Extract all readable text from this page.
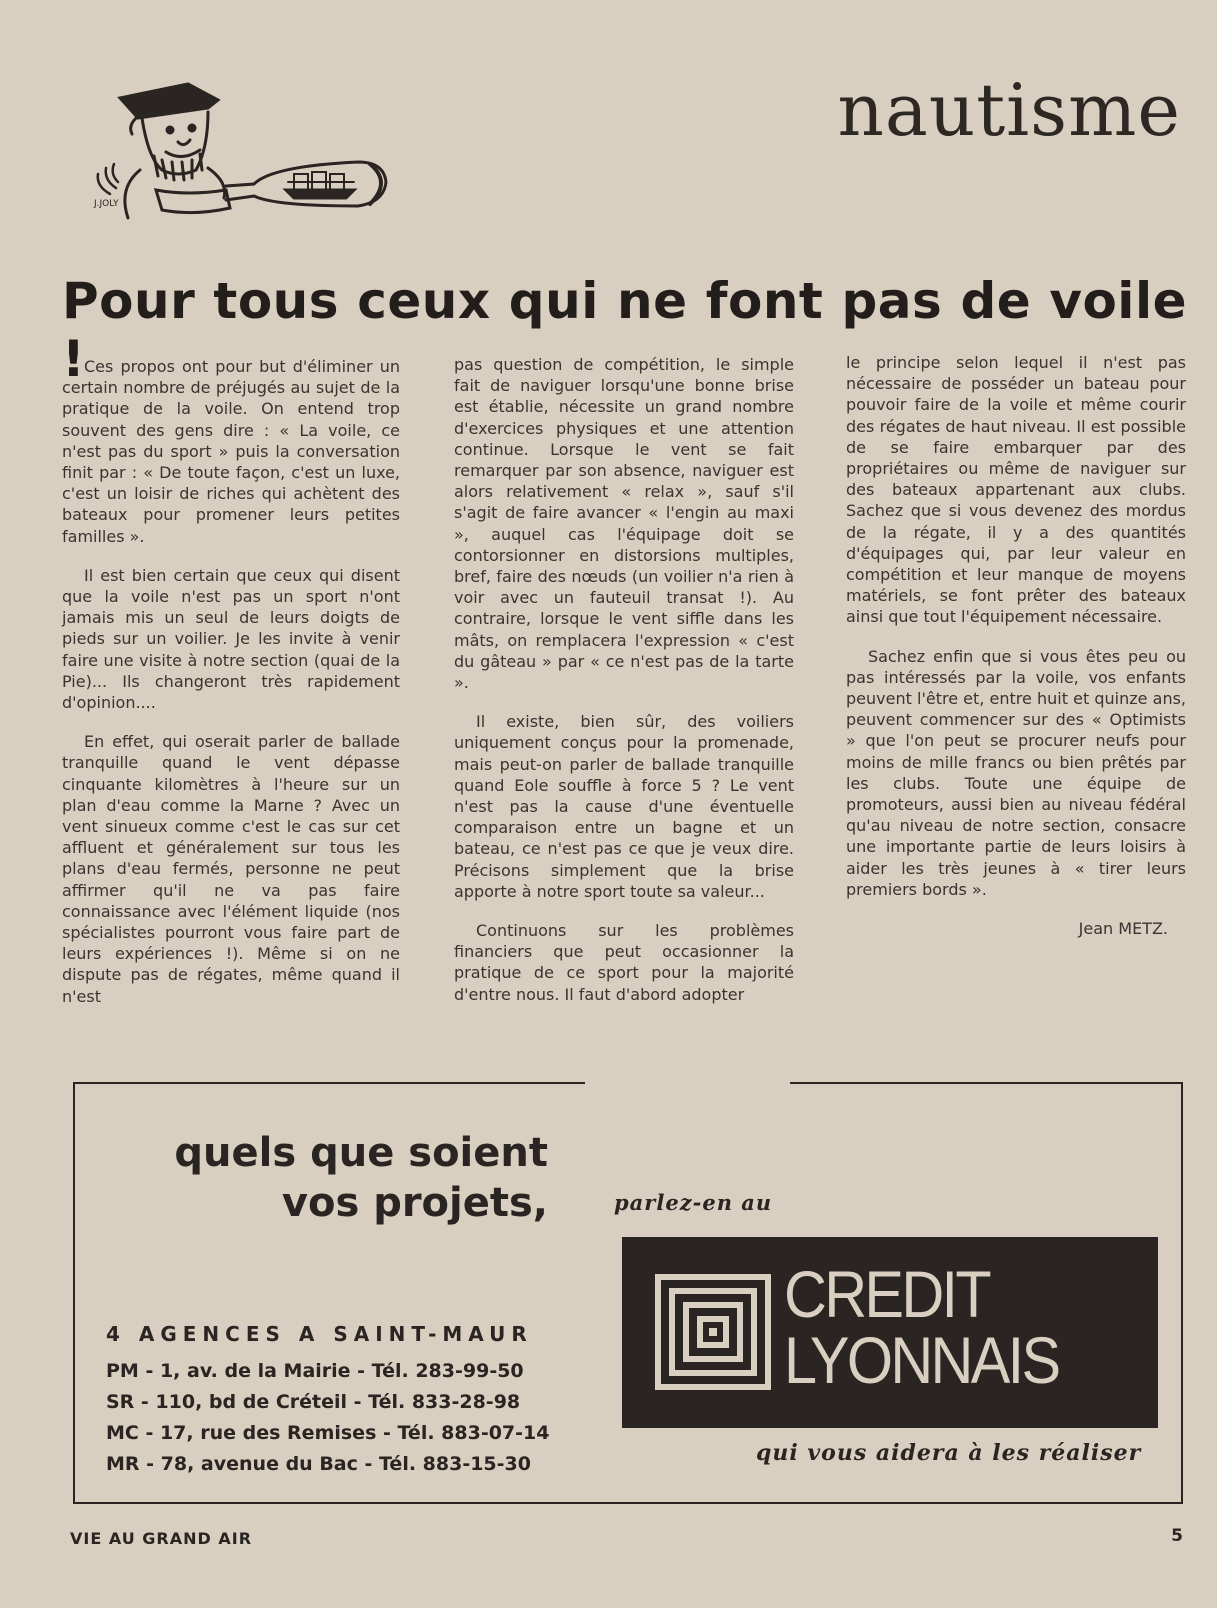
J.JOLY
nautisme
Pour tous ceux qui ne font pas de voile !

Ces propos ont pour but d'éliminer un certain nombre de préjugés au sujet de la pratique de la voile. On entend trop souvent des gens dire : « La voile, ce n'est pas du sport » puis la conversation finit par : « De toute façon, c'est un luxe, c'est un loisir de riches qui achètent des bateaux pour promener leurs petites familles ».

Il est bien certain que ceux qui disent que la voile n'est pas un sport n'ont jamais mis un seul de leurs doigts de pieds sur un voilier. Je les invite à venir faire une visite à notre section (quai de la Pie)... Ils changeront très rapidement d'opinion....

En effet, qui oserait parler de ballade tranquille quand le vent dépasse cinquante kilomètres à l'heure sur un plan d'eau comme la Marne ? Avec un vent sinueux comme c'est le cas sur cet affluent et généralement sur tous les plans d'eau fermés, personne ne peut affirmer qu'il ne va pas faire connaissance avec l'élément liquide (nos spécialistes pourront vous faire part de leurs expériences !). Même si on ne dispute pas de régates, même quand il n'est

pas question de compétition, le simple fait de naviguer lorsqu'une bonne brise est établie, nécessite un grand nombre d'exercices physiques et une attention continue. Lorsque le vent se fait remarquer par son absence, naviguer est alors relativement « relax », sauf s'il s'agit de faire avancer « l'engin au maxi », auquel cas l'équipage doit se contorsionner en distorsions multiples, bref, faire des nœuds (un voilier n'a rien à voir avec un fauteuil transat !). Au contraire, lorsque le vent siffle dans les mâts, on remplacera l'expression « c'est du gâteau » par « ce n'est pas de la tarte ».

Il existe, bien sûr, des voiliers uniquement conçus pour la promenade, mais peut-on parler de ballade tranquille quand Eole souffle à force 5 ? Le vent n'est pas la cause d'une éventuelle comparaison entre un bagne et un bateau, ce n'est pas ce que je veux dire. Précisons simplement que la brise apporte à notre sport toute sa valeur...

Continuons sur les problèmes financiers que peut occasionner la pratique de ce sport pour la majorité d'entre nous. Il faut d'abord adopter

le principe selon lequel il n'est pas nécessaire de posséder un bateau pour pouvoir faire de la voile et même courir des régates de haut niveau. Il est possible de se faire embarquer par des propriétaires ou même de naviguer sur des bateaux appartenant aux clubs. Sachez que si vous devenez des mordus de la régate, il y a des quantités d'équipages qui, par leur valeur en compétition et leur manque de moyens matériels, se font prêter des bateaux ainsi que tout l'équipement nécessaire.

Sachez enfin que si vous êtes peu ou pas intéressés par la voile, vos enfants peuvent l'être et, entre huit et quinze ans, peuvent commencer sur des « Optimists » que l'on peut se procurer neufs pour moins de mille francs ou bien prêtés par les clubs. Toute une équipe de promoteurs, aussi bien au niveau fédéral qu'au niveau de notre section, consacre une importante partie de leurs loisirs à aider les très jeunes à « tirer leurs premiers bords ».

Jean METZ.
quels que soient
vos projets,	parlez-en au
4 AGENCES A SAINT-MAUR
PM - 1, av. de la Mairie - Tél. 283-99-50
SR - 110, bd de Créteil - Tél. 833-28-98
MC - 17, rue des Remises - Tél. 883-07-14
MR - 78, avenue du Bac - Tél. 883-15-30
CREDIT
LYONNAIS
qui vous aidera à les réaliser
VIE AU GRAND AIR	5
